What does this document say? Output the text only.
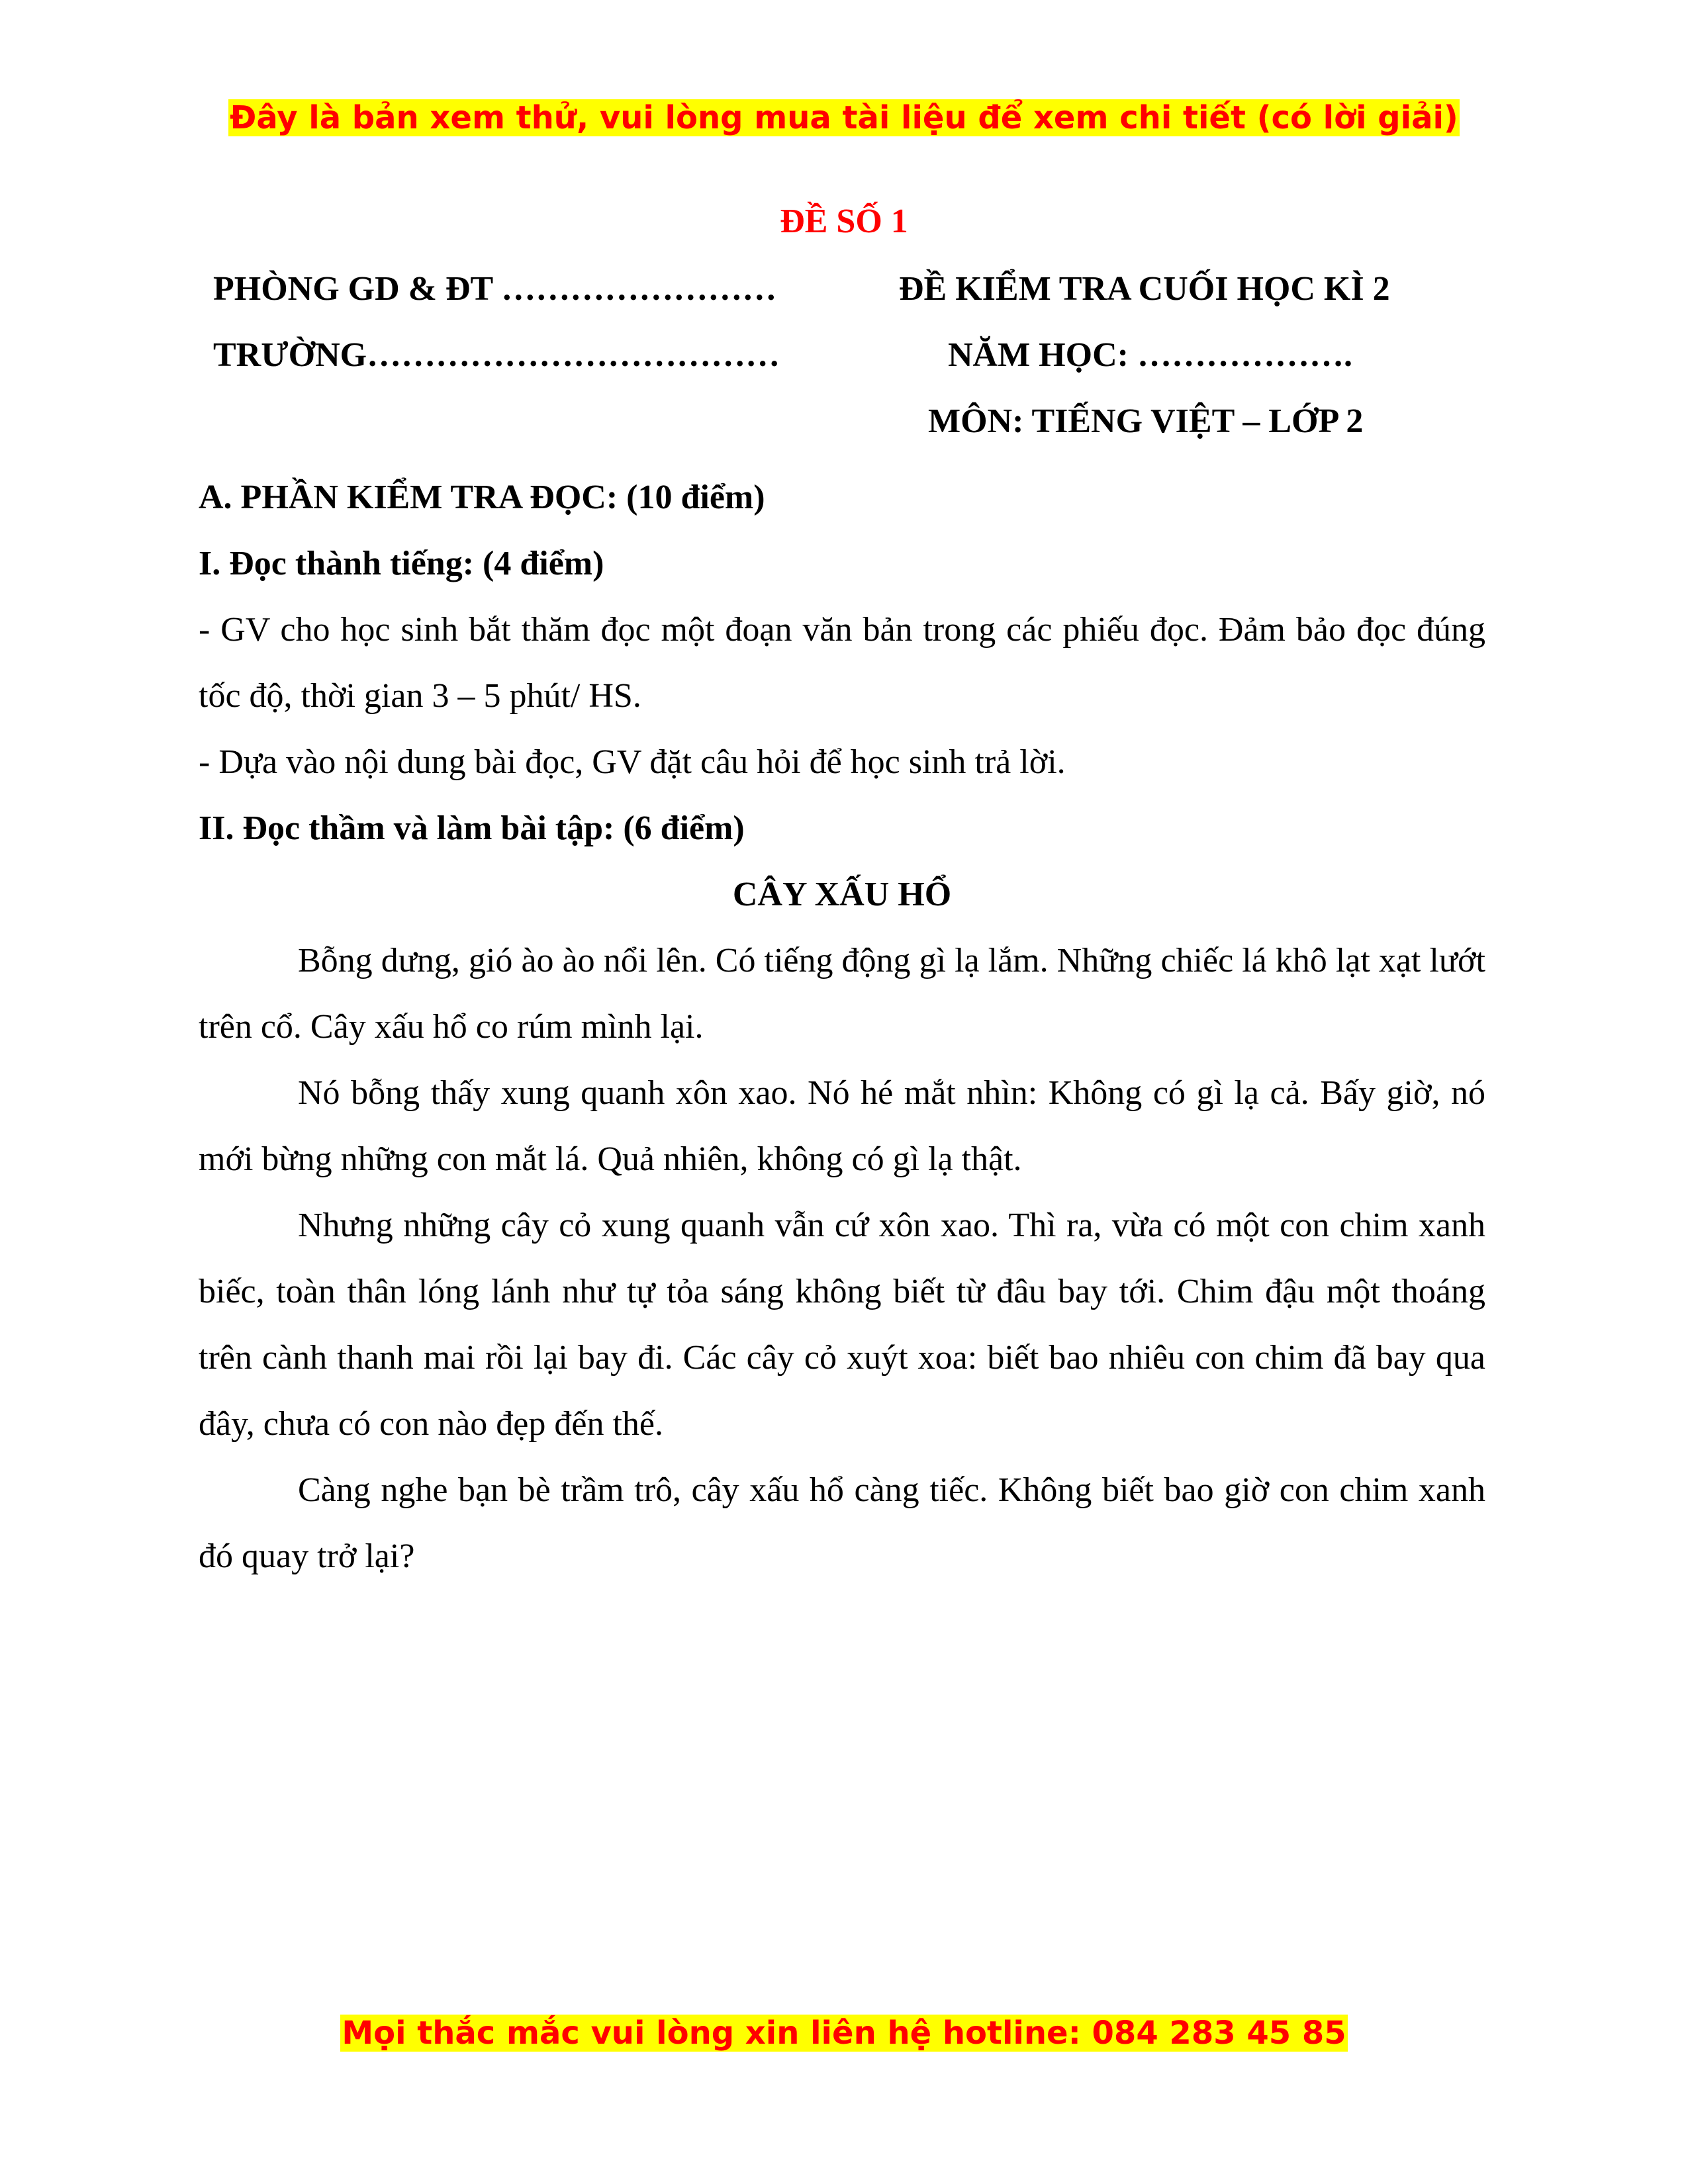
Đây là bản xem thử, vui lòng mua tài liệu để xem chi tiết (có lời giải)
ĐỀ SỐ 1
PHÒNG GD & ĐT ……………………	ĐỀ KIỂM TRA CUỐI HỌC KÌ 2
TRƯỜNG………………………………	NĂM HỌC: ……………….
MÔN: TIẾNG VIỆT – LỚP 2

A. PHẦN KIỂM TRA ĐỌC: (10 điểm)

I. Đọc thành tiếng: (4 điểm)

- GV cho học sinh bắt thăm đọc một đoạn văn bản trong các phiếu đọc. Đảm bảo đọc đúng tốc độ, thời gian 3 – 5 phút/ HS.

- Dựa vào nội dung bài đọc, GV đặt câu hỏi để học sinh trả lời.

II. Đọc thầm và làm bài tập: (6 điểm)

CÂY XẤU HỔ

Bỗng dưng, gió ào ào nổi lên. Có tiếng động gì lạ lắm. Những chiếc lá khô lạt xạt lướt trên cổ. Cây xấu hổ co rúm mình lại.

Nó bỗng thấy xung quanh xôn xao. Nó hé mắt nhìn: Không có gì lạ cả. Bấy giờ, nó mới bừng những con mắt lá. Quả nhiên, không có gì lạ thật.

Nhưng những cây cỏ xung quanh vẫn cứ xôn xao. Thì ra, vừa có một con chim xanh biếc, toàn thân lóng lánh như tự tỏa sáng không biết từ đâu bay tới. Chim đậu một thoáng trên cành thanh mai rồi lại bay đi. Các cây cỏ xuýt xoa: biết bao nhiêu con chim đã bay qua đây, chưa có con nào đẹp đến thế.

Càng nghe bạn bè trầm trô, cây xấu hổ càng tiếc. Không biết bao giờ con chim xanh đó quay trở lại?

Mọi thắc mắc vui lòng xin liên hệ hotline: 084 283 45 85
